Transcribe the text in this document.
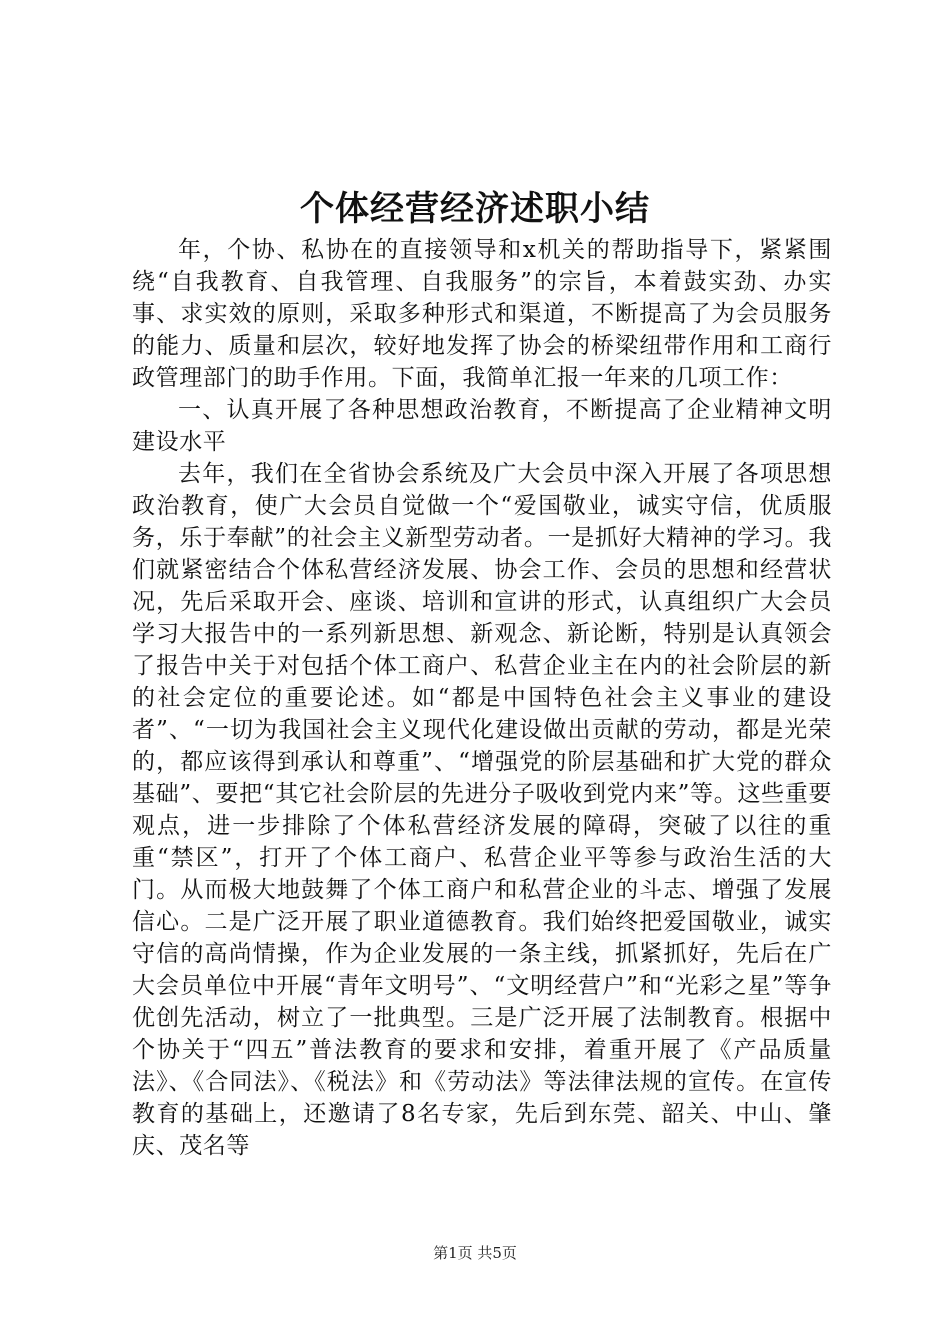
个体经营经济述职小结

年，个协、私协在的直接领导和x机关的帮助指导下，紧紧围绕“自我教育、自我管理、自我服务”的宗旨，本着鼓实劲、办实事、求实效的原则，采取多种形式和渠道，不断提高了为会员服务的能力、质量和层次，较好地发挥了协会的桥梁纽带作用和工商行政管理部门的助手作用。下面，我简单汇报一年来的几项工作：

一、认真开展了各种思想政治教育，不断提高了企业精神文明建设水平

去年，我们在全省协会系统及广大会员中深入开展了各项思想政治教育，使广大会员自觉做一个“爱国敬业，诚实守信，优质服务，乐于奉献”的社会主义新型劳动者。一是抓好大精神的学习。我们就紧密结合个体私营经济发展、协会工作、会员的思想和经营状况，先后采取开会、座谈、培训和宣讲的形式，认真组织广大会员学习大报告中的一系列新思想、新观念、新论断，特别是认真领会了报告中关于对包括个体工商户、私营企业主在内的社会阶层的新的社会定位的重要论述。如“都是中国特色社会主义事业的建设者”、“一切为我国社会主义现代化建设做出贡献的劳动，都是光荣的，都应该得到承认和尊重”、“增强党的阶层基础和扩大党的群众基础”、要把“其它社会阶层的先进分子吸收到党内来”等。这些重要观点，进一步排除了个体私营经济发展的障碍，突破了以往的重重“禁区”，打开了个体工商户、私营企业平等参与政治生活的大门。从而极大地鼓舞了个体工商户和私营企业的斗志、增强了发展信心。二是广泛开展了职业道德教育。我们始终把爱国敬业，诚实守信的高尚情操，作为企业发展的一条主线，抓紧抓好，先后在广大会员单位中开展“青年文明号”、“文明经营户”和“光彩之星”等争优创先活动，树立了一批典型。三是广泛开展了法制教育。根据中个协关于“四五”普法教育的要求和安排，着重开展了《产品质量法》、《合同法》、《税法》和《劳动法》等法律法规的宣传。在宣传教育的基础上，还邀请了8名专家，先后到东莞、韶关、中山、肇庆、茂名等

第1页 共5页
